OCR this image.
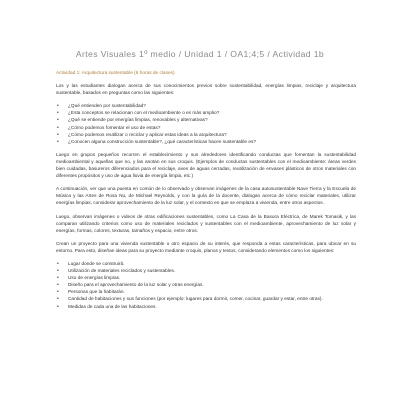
Artes Visuales 1º medio / Unidad 1 / OA1;4;5 / Actividad 1b
Actividad 1: Arquitectura sustentable (6 horas de clases)

Los y las estudiantes dialogan acerca de sus conocimientos previos sobre sustentabilidad, energías limpias, reciclaje y arquitectura sustentable, basados en preguntas como las siguientes:

• ¿Qué entienden por sustentabilidad?
• ¿Esta conceptos se relacionan con el medioambiente o es más amplio?
• ¿Qué se entiende por energías limpias, renovables y alternativas?
• ¿Cómo podemos fomentar el uso de estas?
• ¿Cómo podemos reutilizar o reciclar y aplicar estas ideas a la arquitectura?
• ¿Conocen alguna construcción sustentable?, ¿qué características hacen sustentable es?

Luego en grupos pequeños recorren el establecimiento y sus alrededores identificando conductas que fomentan la sustentabilidad medioambiental y aquellas que no, y las anotan en sus croquis. (Ejemplos de conductas sustentables con el medioambiente: áreas verdes bien cuidadas, basureros diferenciados para el reciclaje, aves de aguas cerradas, reutilización de envases plásticos de otros materiales con diferentes propósitos y uso de agua lluvia de energía limpia, etc.)

A continuación, ver que una puesta en común de lo observado y observan imágenes de la casa autosustentable Nave Tierra y la Escuela de Música y las Artes de Rosa Nu, de Michael Reynolds, y con la guía de la docente, dialogan acerca de cómo reciclar materiales, utilizar energías limpias, considerar aprovechamiento de la luz solar, y el contexto en que se emplaza a vivienda, entre otros aspectos.

Luego, observan imágenes o videos de otras edificaciones sustentables, como La Casa de la Basura Eléctrica, de Marek Tomasik, y las comparan utilizando criterios como uso de materiales reciclados y sustentables con el medioambiente, aprovechamiento de luz solar y energías, formas, colores, texturas, tamaños y espacio, entre otros.

Crean un proyecto para una vivienda sustentable u otro espacio de su interés, que responda a estas características, para ubicar en su entorno. Para esto, diseñan ideas para su proyecto mediante croquis, planos y textos, considerando elementos como los siguientes:

• Lugar donde se construirá.
• Utilización de materiales reciclados y sustentables.
• Uso de energías limpias.
• Diseño para el aprovechamiento de la luz solar y otras energías.
• Personas que la habitarán.
• Cantidad de habitaciones y sus funciones (por ejemplo: lugares para dormir, comer, cocinar, guardar y estar, entre otras).
• Medidas de cada una de las habitaciones.
